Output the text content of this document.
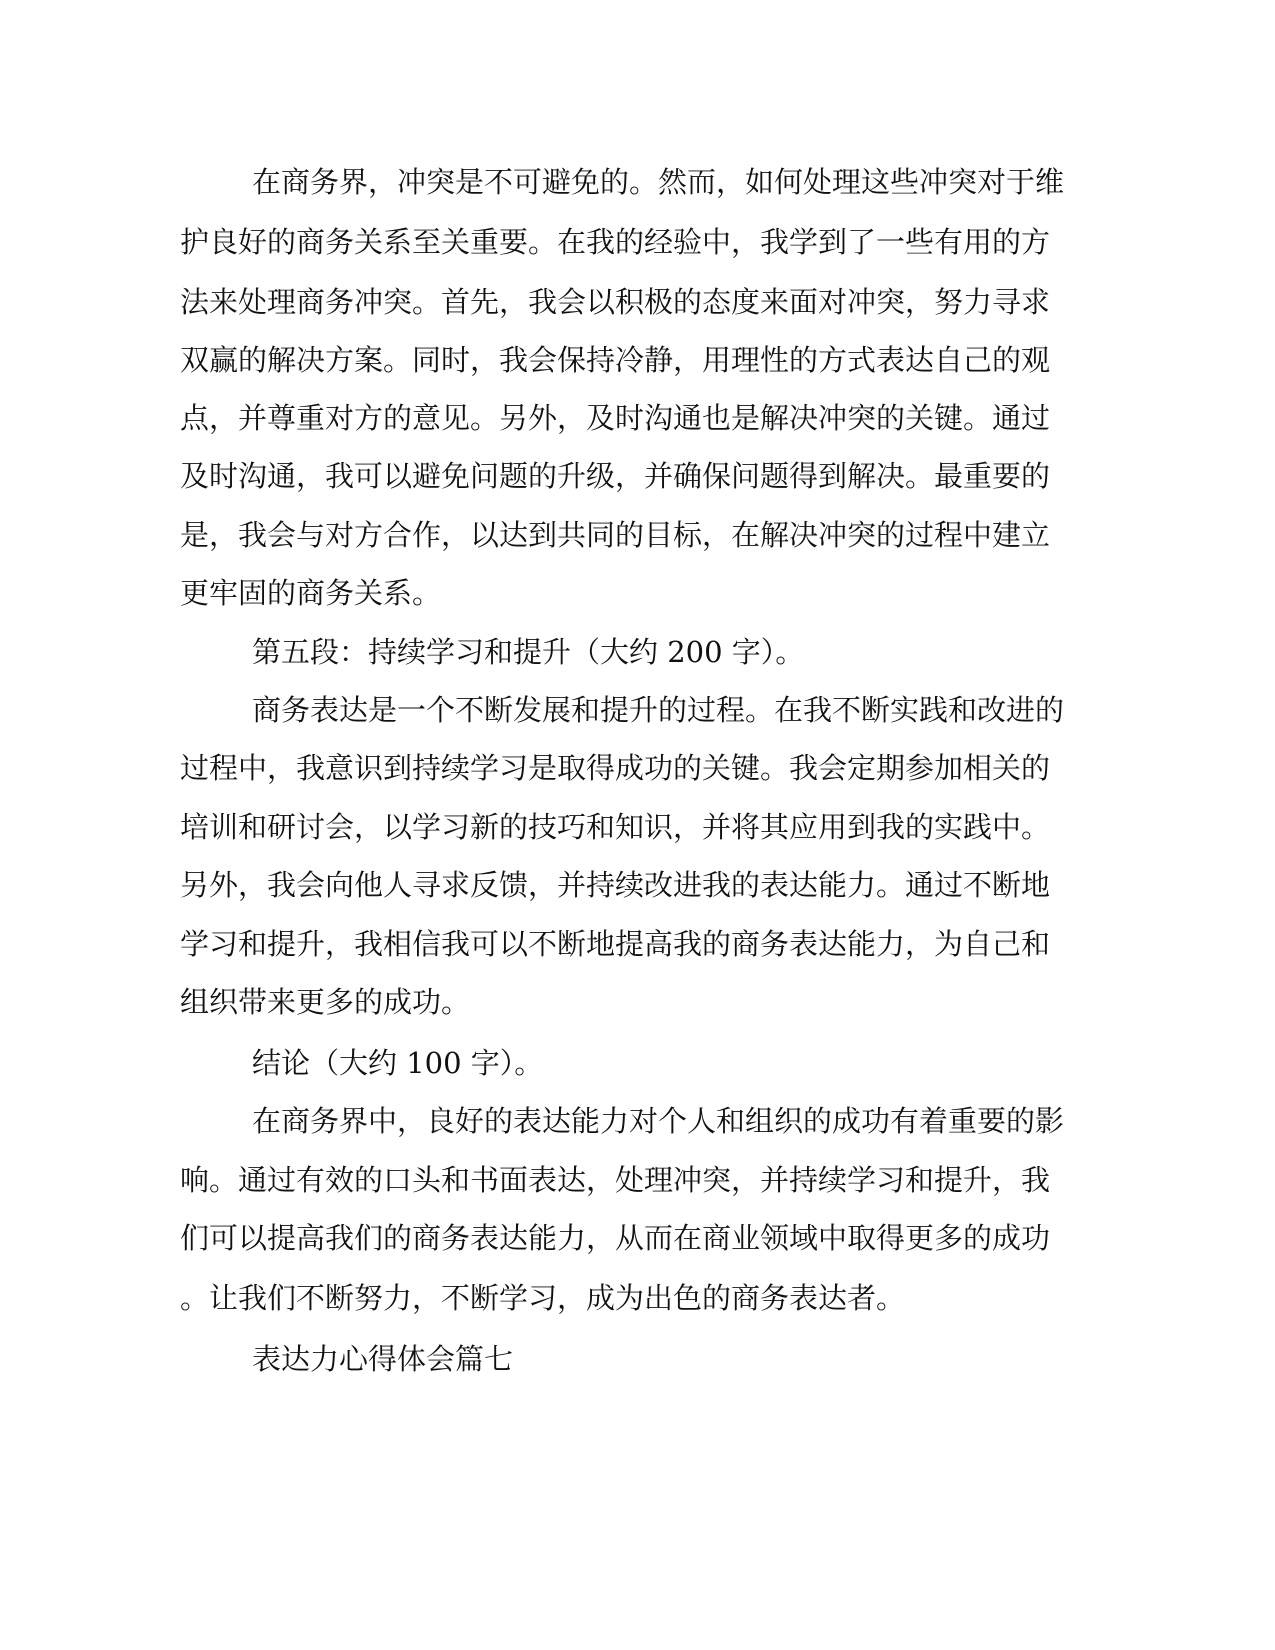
在商务界，冲突是不可避免的。然而，如何处理这些冲突对于维
护良好的商务关系至关重要。在我的经验中，我学到了一些有用的方
法来处理商务冲突。首先，我会以积极的态度来面对冲突，努力寻求
双赢的解决方案。同时，我会保持冷静，用理性的方式表达自己的观
点，并尊重对方的意见。另外，及时沟通也是解决冲突的关键。通过
及时沟通，我可以避免问题的升级，并确保问题得到解决。最重要的
是，我会与对方合作，以达到共同的目标，在解决冲突的过程中建立
更牢固的商务关系。
第五段：持续学习和提升（大约 200 字）。
商务表达是一个不断发展和提升的过程。在我不断实践和改进的
过程中，我意识到持续学习是取得成功的关键。我会定期参加相关的
培训和研讨会，以学习新的技巧和知识，并将其应用到我的实践中。
另外，我会向他人寻求反馈，并持续改进我的表达能力。通过不断地
学习和提升，我相信我可以不断地提高我的商务表达能力，为自己和
组织带来更多的成功。
结论（大约 100 字）。
在商务界中，良好的表达能力对个人和组织的成功有着重要的影
响。通过有效的口头和书面表达，处理冲突，并持续学习和提升，我
们可以提高我们的商务表达能力，从而在商业领域中取得更多的成功
。让我们不断努力，不断学习，成为出色的商务表达者。
表达力心得体会篇七
